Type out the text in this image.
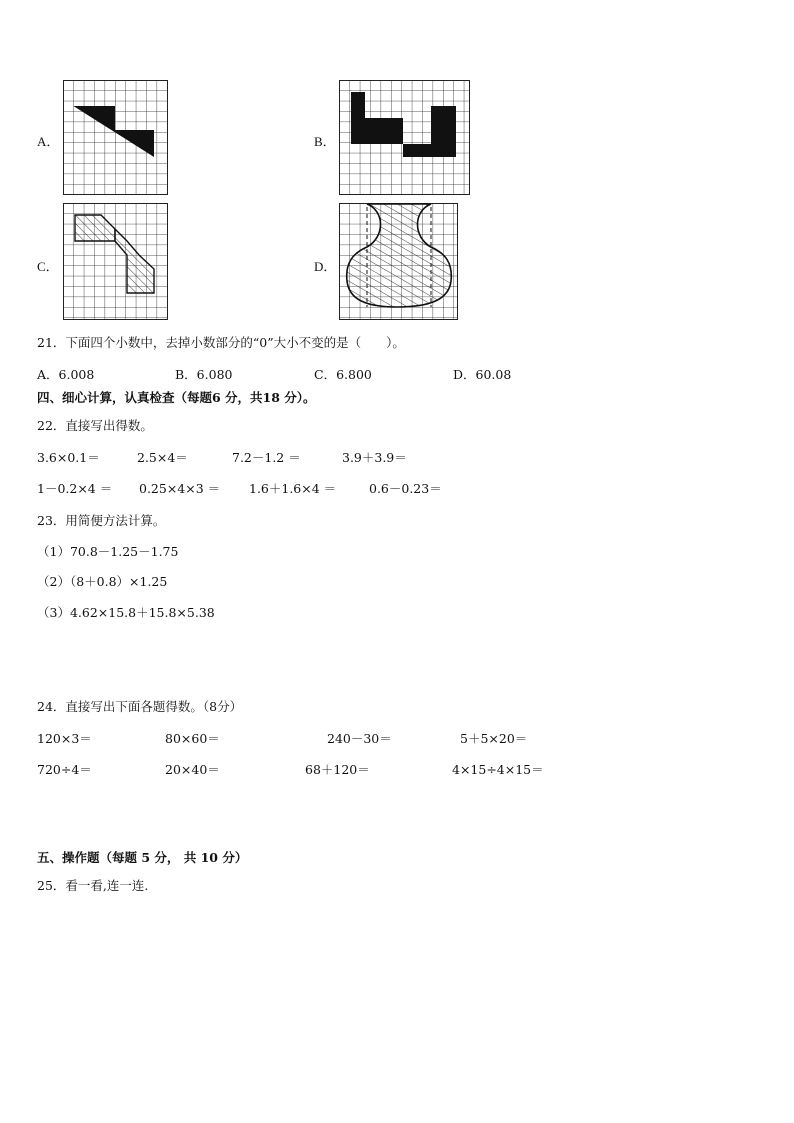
A．	B．
C．	D．
21．下面四个小数中，去掉小数部分的“0”大小不变的是（　　）。
A．6.008	B．6.080	C．6.800	D．60.08
四、细心计算，认真检查（每题6 分，共18 分）。
22．直接写出得数。
3.6×0.1＝	2.5×4＝	7.2－1.2 ＝	3.9＋3.9＝
1－0.2×4 ＝ 0.25×4×3 ＝ 1.6＋1.6×4 ＝	0.6－0.23＝
23．用简便方法计算。
（1）70.8－1.25－1.75
（2）（8＋0.8）×1.25
（3）4.62×15.8＋15.8×5.38
24．直接写出下面各题得数。（8分）
120×3＝	80×60＝	240－30＝	5＋5×20＝
720÷4＝	20×40＝	68＋120＝	4×15÷4×15＝
五、操作题（每题 5 分， 共 10 分）
25．看一看,连一连.
